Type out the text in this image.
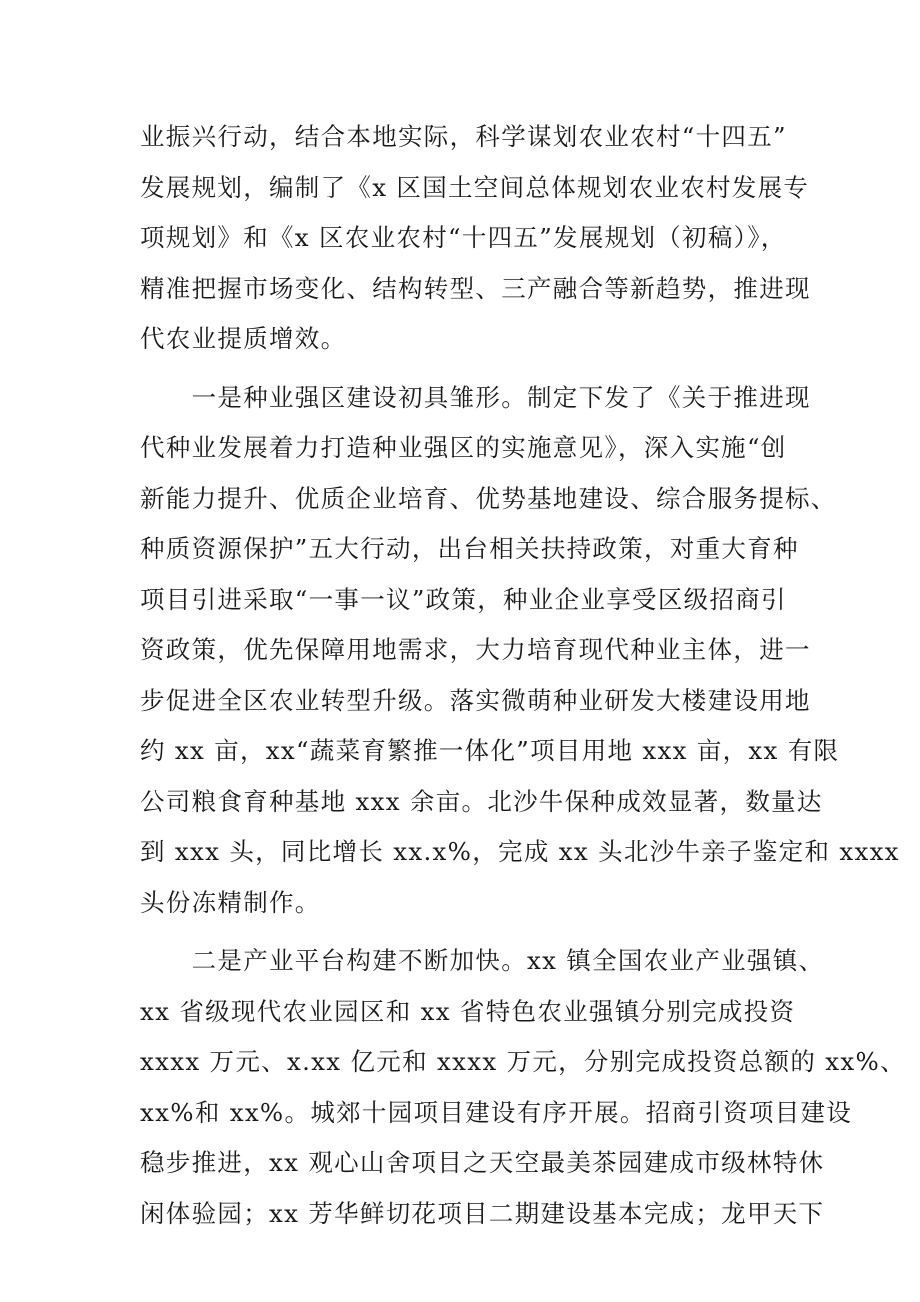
业振兴行动，结合本地实际，科学谋划农业农村“十四五”
发展规划，编制了《x 区国土空间总体规划农业农村发展专
项规划》和《x 区农业农村“十四五”发展规划（初稿）》，
精准把握市场变化、结构转型、三产融合等新趋势，推进现
代农业提质增效。
　　一是种业强区建设初具雏形。制定下发了《关于推进现
代种业发展着力打造种业强区的实施意见》，深入实施“创
新能力提升、优质企业培育、优势基地建设、综合服务提标、
种质资源保护”五大行动，出台相关扶持政策，对重大育种
项目引进采取“一事一议”政策，种业企业享受区级招商引
资政策，优先保障用地需求，大力培育现代种业主体，进一
步促进全区农业转型升级。落实微萌种业研发大楼建设用地
约 xx 亩，xx“蔬菜育繁推一体化”项目用地 xxx 亩，xx 有限
公司粮食育种基地 xxx 余亩。北沙牛保种成效显著，数量达
到 xxx 头，同比增长 xx.x%，完成 xx 头北沙牛亲子鉴定和 xxxx
头份冻精制作。
　　二是产业平台构建不断加快。xx 镇全国农业产业强镇、
xx 省级现代农业园区和 xx 省特色农业强镇分别完成投资
xxxx 万元、x.xx 亿元和 xxxx 万元，分别完成投资总额的 xx%、
xx%和 xx%。城郊十园项目建设有序开展。招商引资项目建设
稳步推进，xx 观心山舍项目之天空最美茶园建成市级林特休
闲体验园；xx 芳华鲜切花项目二期建设基本完成；龙甲天下
